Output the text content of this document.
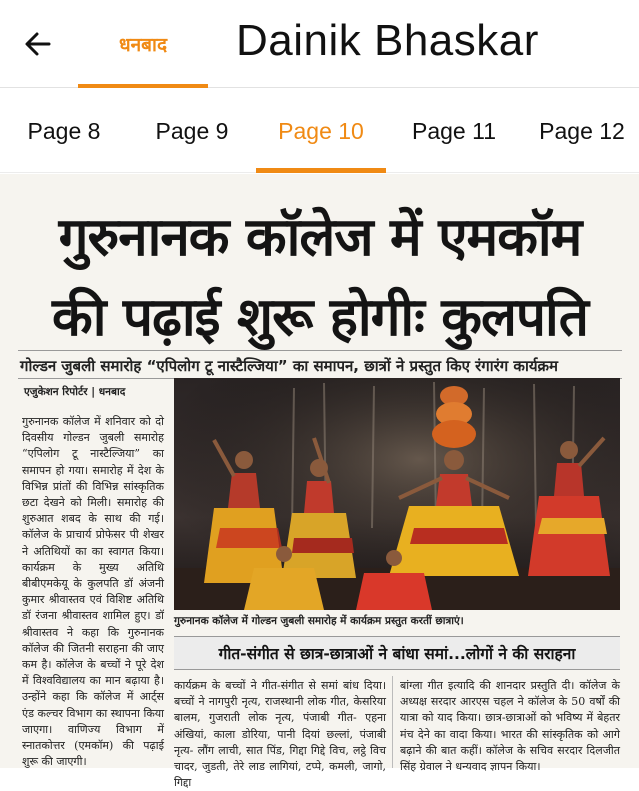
धनबाद Dainik Bhaskar
Page 8 Page 9 Page 10 Page 11 Page 12
गुरुनानक कॉलेज में एमकॉम
की पढ़ाई शुरू होगीः कुलपति
गोल्डन जुबली समारोह “एपिलोग टू नास्टैल्जिया” का समापन, छात्रों ने प्रस्तुत किए रंगारंग कार्यक्रम
एजुकेशन रिपोर्टर | धनबाद
गुरुनानक कॉलेज में शनिवार को दो दिवसीय गोल्डन जुबली समारोह “एपिलोग टू नास्टैल्जिया” का समापन हो गया। समारोह में देश के विभिन्न प्रांतों की विभिन्न सांस्कृतिक छटा देखने को मिली। समारोह की शुरुआत शबद के साथ की गई। कॉलेज के प्राचार्य प्रोफेसर पी शेखर ने अतिथियों का का स्वागत किया। कार्यक्रम के मुख्य अतिथि बीबीएमकेयू के कुलपति डॉ अंजनी कुमार श्रीवास्तव एवं विशिष्ट अतिथि डॉ रंजना श्रीवास्तव शामिल हुए। डॉ श्रीवास्तव ने कहा कि गुरुनानक कॉलेज की जितनी सराहना की जाए कम है। कॉलेज के बच्चों ने पूरे देश में विश्वविद्यालय का मान बढ़ाया है। उन्होंने कहा कि कॉलेज में आर्ट्स एंड कल्चर विभाग का स्थापना किया जाएगा। वाणिज्य विभाग में स्नातकोत्तर (एमकॉम) की पढ़ाई शुरू की जाएगी।
गुरुनानक कॉलेज में गोल्डन जुबली समारोह में कार्यक्रम प्रस्तुत करतीं छात्राएं।
गीत-संगीत से छात्र-छात्राओं ने बांधा समां...लोगों ने की सराहना
कार्यक्रम के बच्चों ने गीत-संगीत से समां बांध दिया। बच्चों ने नागपुरी नृत्य, राजस्थानी लोक गीत, केसरिया बालम, गुजराती लोक नृत्य, पंजाबी गीत- एहना अंखियां, काला डोरिया, पानी दियां छल्लां, पंजाबी नृत्य- लौंग लाची, सात पिंड, गिद्दा गिद्दे विच, लट्ठे विच चादर, जुडती, तेरे लाड लागियां, टप्पे, कमली, जागो, गिद्दा
बांग्ला गीत इत्यादि की शानदार प्रस्तुति दी। कॉलेज के अध्यक्ष सरदार आरएस चहल ने कॉलेज के 50 वर्षों की यात्रा को याद किया। छात्र-छात्राओं को भविष्य में बेहतर मंच देने का वादा किया। भारत की सांस्कृतिक को आगे बढ़ाने की बात कहीं। कॉलेज के सचिव सरदार दिलजीत सिंह ग्रेवाल ने धन्यवाद ज्ञापन किया।
